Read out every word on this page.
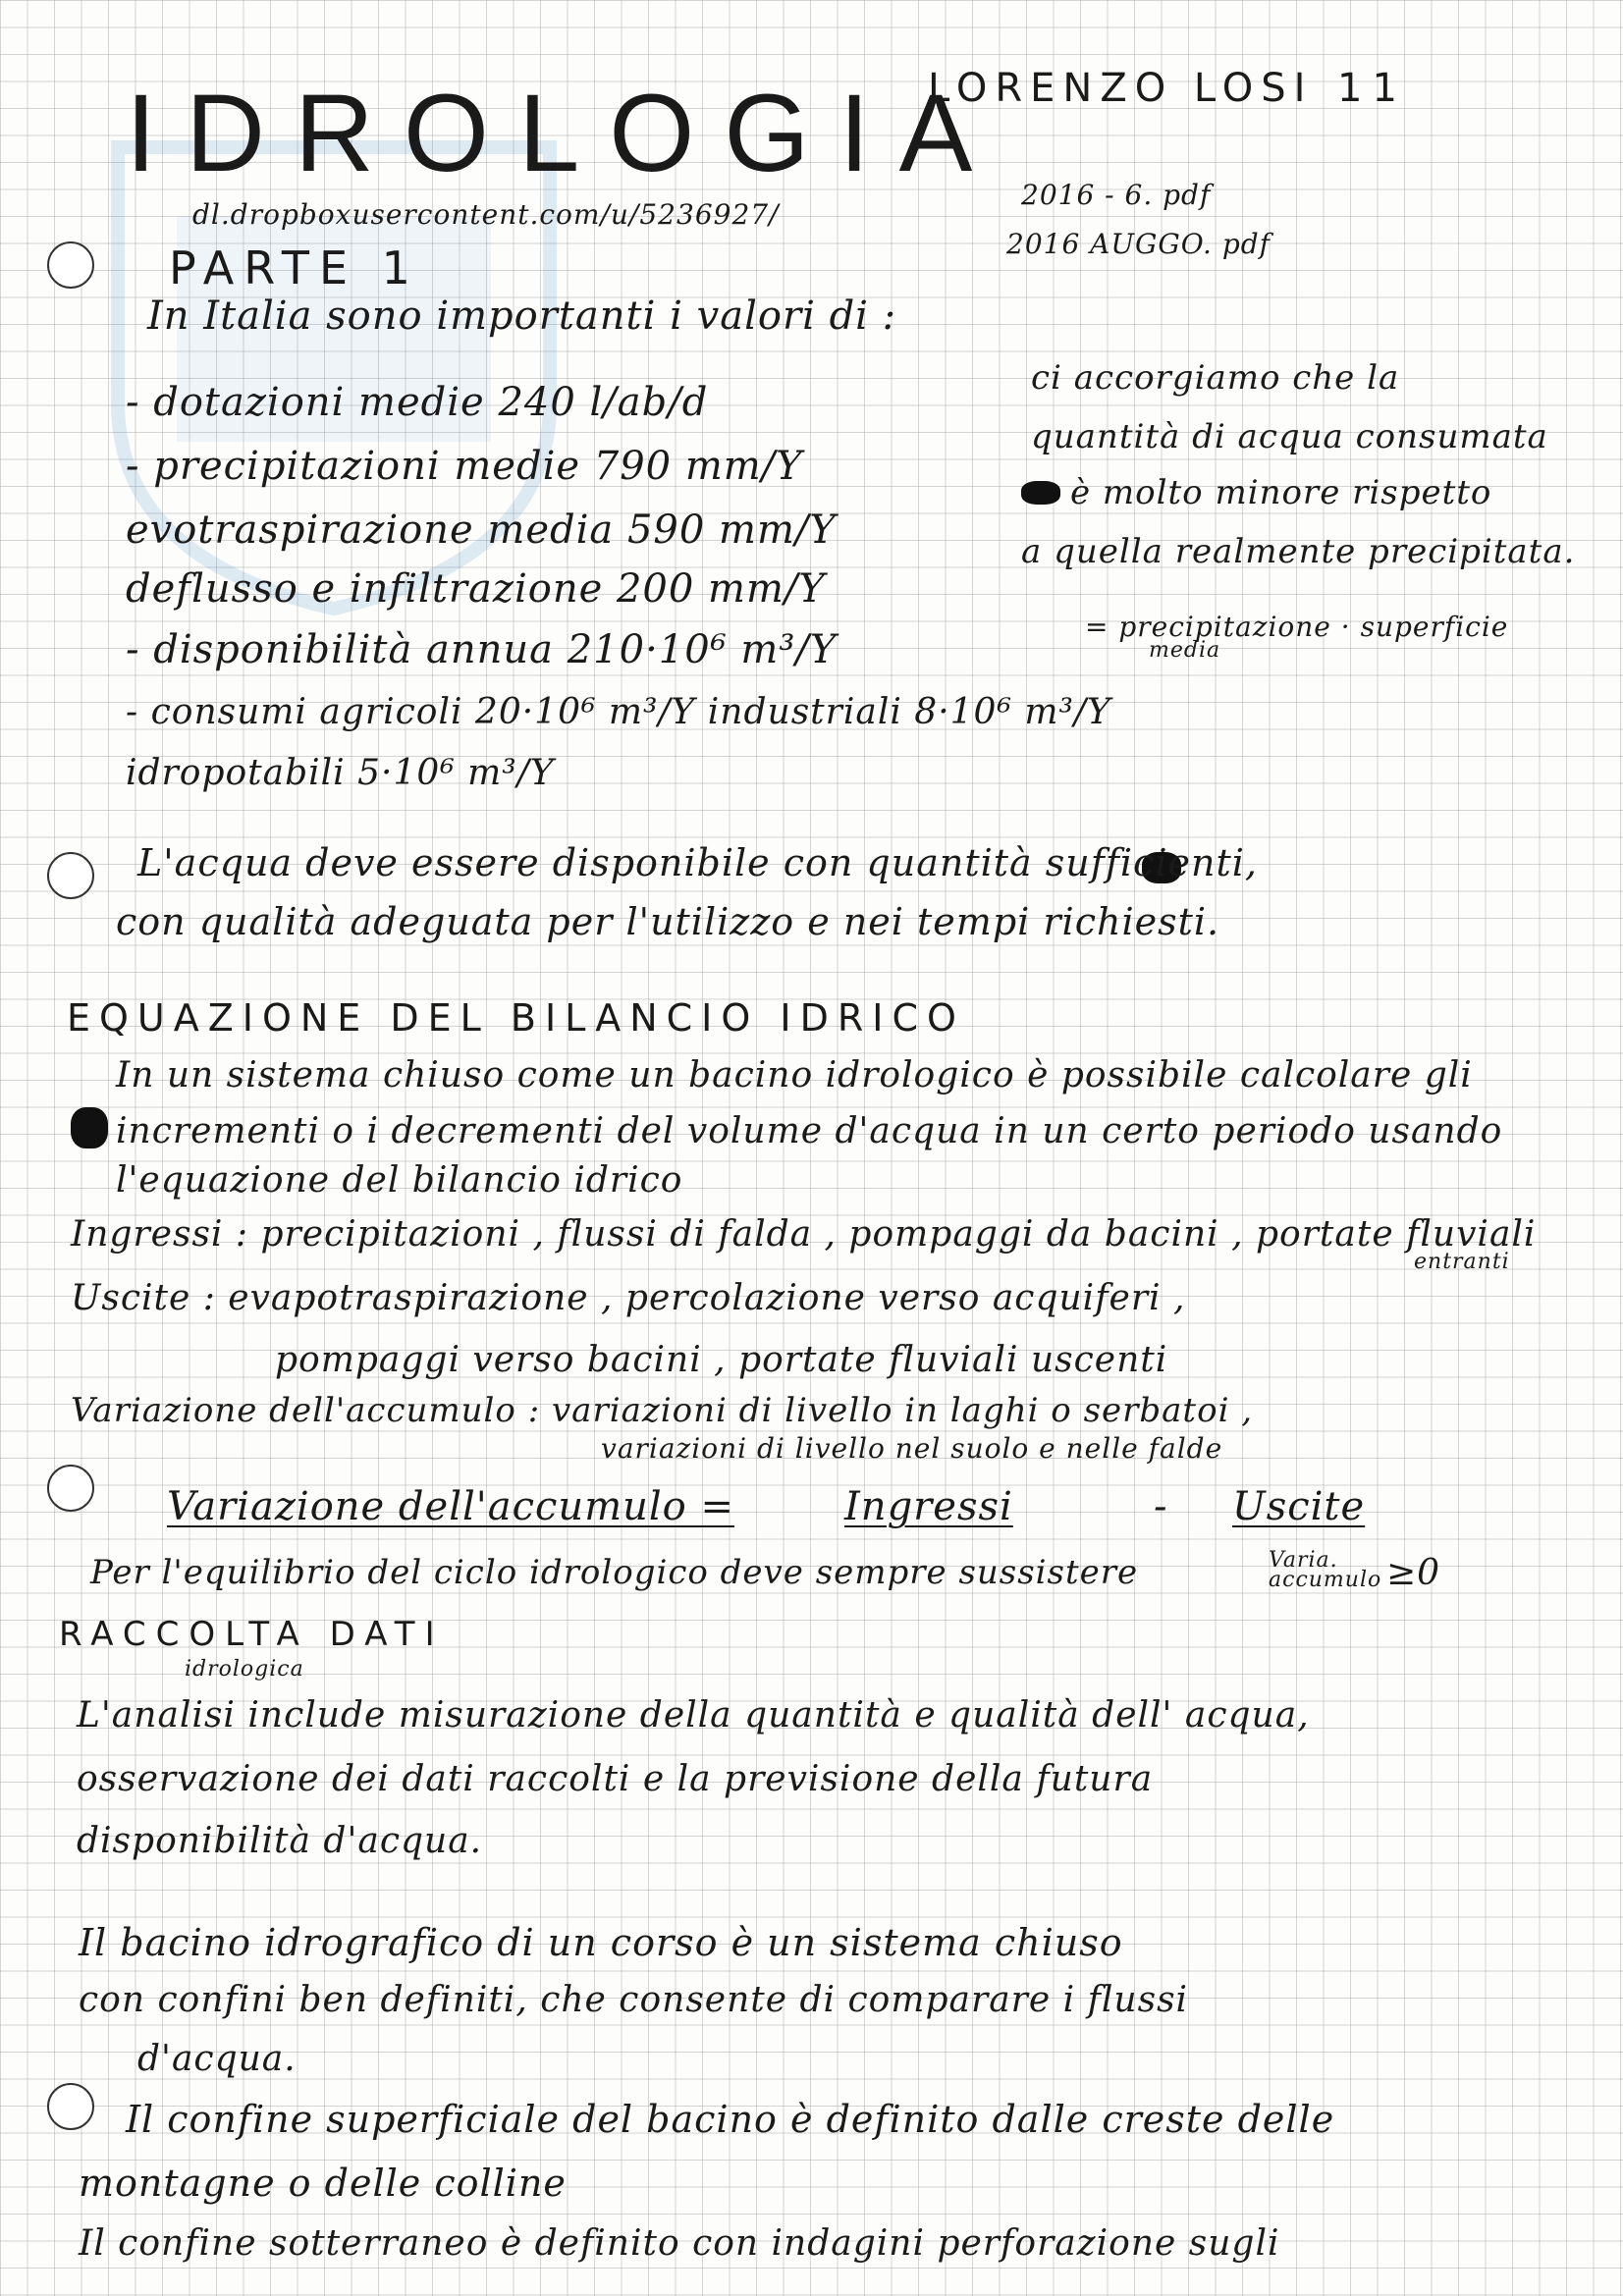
IDROLOGIA
LORENZO LOSI 11
dl.dropboxusercontent.com/u/5236927/
2016 - 6. pdf
2016 AUGGO. pdf
PARTE 1
In Italia sono importanti i valori di :
- dotazioni medie 240 l/ab/d
- precipitazioni medie 790 mm/Y
evotraspirazione media 590 mm/Y
deflusso e infiltrazione 200 mm/Y
- disponibilità annua 210·10⁶ m³/Y
- consumi agricoli 20·10⁶ m³/Y industriali 8·10⁶ m³/Y
idropotabili 5·10⁶ m³/Y
ci accorgiamo che la
quantità di acqua consumata
è molto minore rispetto
a quella realmente precipitata.
= precipitazione · superficie
media
L'acqua deve essere disponibile con quantità sufficienti,
con qualità adeguata per l'utilizzo e nei tempi richiesti.
EQUAZIONE DEL BILANCIO IDRICO
In un sistema chiuso come un bacino idrologico è possibile calcolare gli
incrementi o i decrementi del volume d'acqua in un certo periodo usando
l'equazione del bilancio idrico
Ingressi : precipitazioni , flussi di falda , pompaggi da bacini , portate fluviali
entranti
Uscite : evapotraspirazione , percolazione verso acquiferi ,
pompaggi verso bacini , portate fluviali uscenti
Variazione dell'accumulo : variazioni di livello in laghi o serbatoi ,
variazioni di livello nel suolo e nelle falde
Variazione dell'accumulo =	Ingressi	- Uscite
Per l'equilibrio del ciclo idrologico deve sempre sussistere	Varia. accumulo ≥0
RACCOLTA DATI
idrologica
L'analisi include misurazione della quantità e qualità dell' acqua,
osservazione dei dati raccolti e la previsione della futura
disponibilità d'acqua.
Il bacino idrografico di un corso è un sistema chiuso
con confini ben definiti, che consente di comparare i flussi
d'acqua.
Il confine superficiale del bacino è definito dalle creste delle
montagne o delle colline
Il confine sotterraneo è definito con indagini perforazione sugli
